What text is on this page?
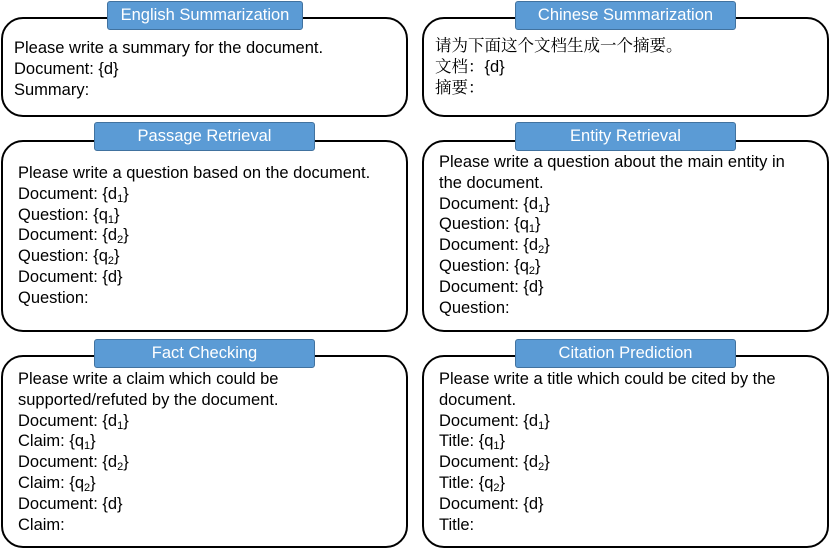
Please write a summary for the document.
Document: {d}
Summary:
English Summarization
请为下面这个文档生成一个摘要。
文档：{d}
摘要：
Chinese Summarization
Please write a question based on the document.
Document: $\{d_1\}$
Question: $\{q_1\}$
Document: $\{d_2\}$
Question: $\{q_2\}$
Document: {d}
Question:
Passage Retrieval
Please write a question about the main entity in
the document.
Document: $\{d_1\}$
Question: $\{q_1\}$
Document: $\{d_2\}$
Question: $\{q_2\}$
Document: {d}
Question:
Entity Retrieval
Please write a claim which could be
supported/refuted by the document.
Document: $\{d_1\}$
Claim: $\{q_1\}$
Document: $\{d_2\}$
Claim: $\{q_2\}$
Document: {d}
Claim:
Fact Checking
Please write a title which could be cited by the
document.
Document: $\{d_1\}$
Title: $\{q_1\}$
Document: $\{d_2\}$
Title: $\{q_2\}$
Document: {d}
Title:
Citation Prediction
